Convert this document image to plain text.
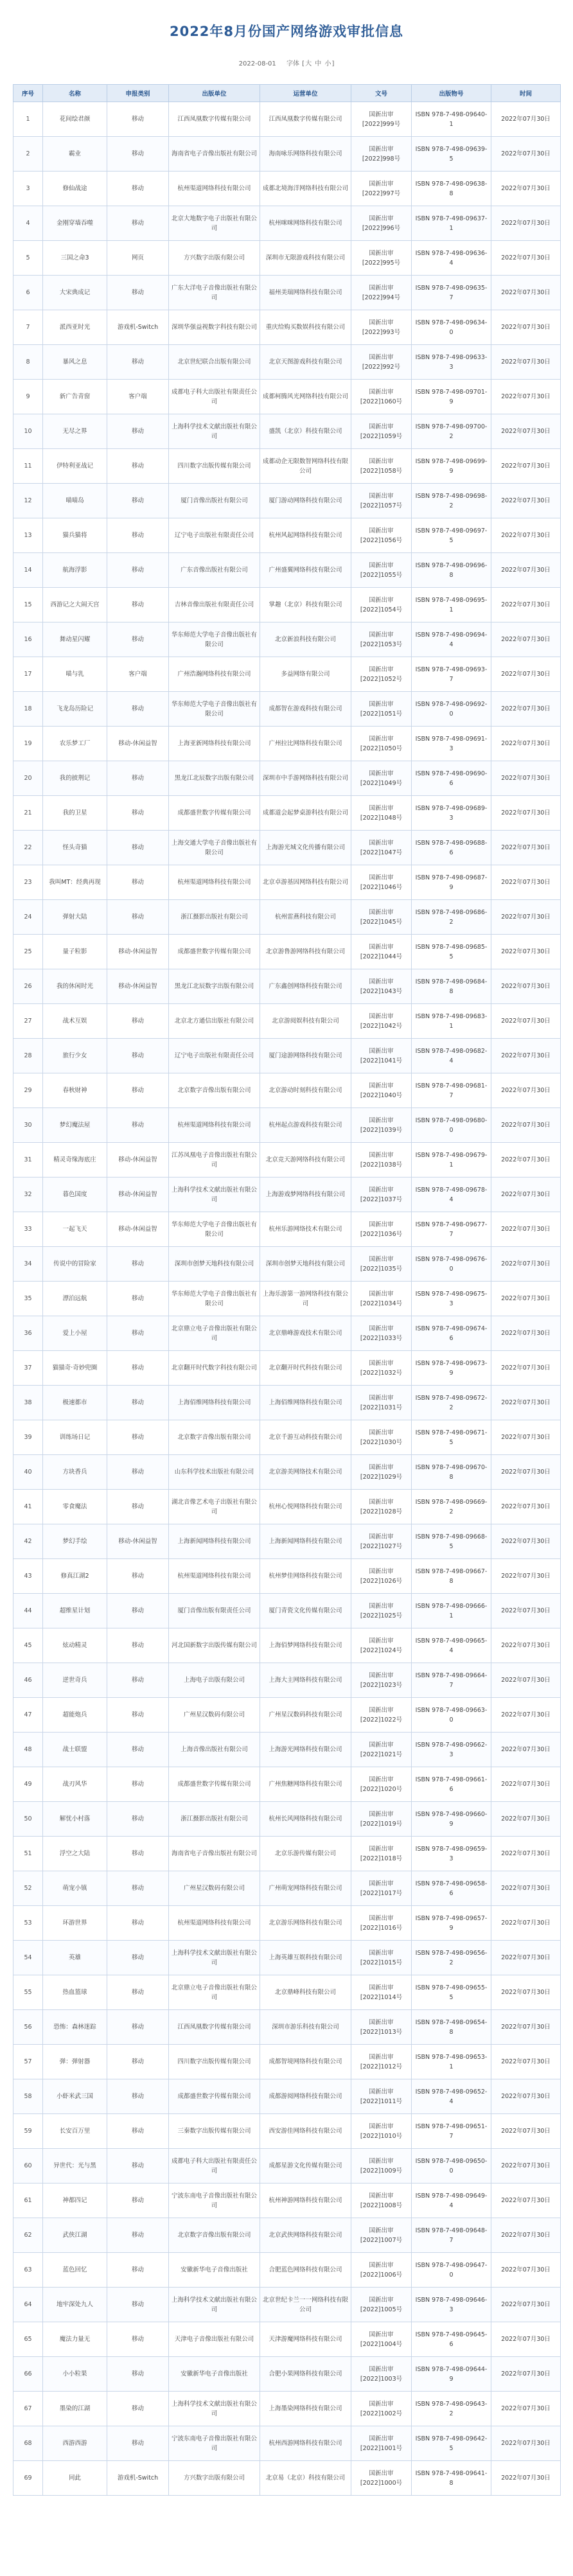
2022年8月份国产网络游戏审批信息
2022-08-01 字体 [大 中 小]
序号	名称	申报类别	出版单位	运营单位	文号	出版物号	时间
1	花间绘君颜	移动	江西凤凰数字传媒有限公司	江西凤凰数字传媒有限公司	国新出审[2022]999号	ISBN 978-7-498-09640-1	2022年07月30日
2	霸业	移动	海南省电子音像出版社有限公司	海南咏乐网络科技有限公司	国新出审[2022]998号	ISBN 978-7-498-09639-5	2022年07月30日
3	修仙战途	移动	杭州渠道网络科技有限公司	成都北境海洋网络科技有限公司	国新出审[2022]997号	ISBN 978-7-498-09638-8	2022年07月30日
4	金刚穿墙吞噬	移动	北京大地数字电子出版社有限公司	杭州咪咪网络科技有限公司	国新出审[2022]996号	ISBN 978-7-498-09637-1	2022年07月30日
5	三国之命3	网页	方兴数字出版有限公司	深圳市无限游戏科技有限公司	国新出审[2022]995号	ISBN 978-7-498-09636-4	2022年07月30日
6	大宋典成记	移动	广东大洋电子音像出版社有限公司	福州美瑞网络科技有限公司	国新出审[2022]994号	ISBN 978-7-498-09635-7	2022年07月30日
7	派西亚时光	游戏机-Switch	深圳华强益视数字科技有限公司	重庆给购买数娱科技有限公司	国新出审[2022]993号	ISBN 978-7-498-09634-0	2022年07月30日
8	暴风之息	移动	北京世纪联合出版有限公司	北京天图游戏科技有限公司	国新出审[2022]992号	ISBN 978-7-498-09633-3	2022年07月30日
9	新广告青窗	客户端	成都电子科大出版社有限责任公司	成都柯腾风光网络科技有限公司	国新出审[2022]1060号	ISBN 978-7-498-09701-9	2022年07月30日
10	无尽之界	移动	上海科学技术文献出版社有限公司	盛凯（北京）科技有限公司	国新出审[2022]1059号	ISBN 978-7-498-09700-2	2022年07月30日
11	伊特利亚战记	移动	四川数字出版传媒有限公司	成都动企无限数智网络科技有限公司	国新出审[2022]1058号	ISBN 978-7-498-09699-9	2022年07月30日
12	喵喵岛	移动	厦门音像出版社有限公司	厦门游动网络科技有限公司	国新出审[2022]1057号	ISBN 978-7-498-09698-2	2022年07月30日
13	猫兵猫将	移动	辽宁电子出版社有限责任公司	杭州风起网络科技有限公司	国新出审[2022]1056号	ISBN 978-7-498-09697-5	2022年07月30日
14	航海浮影	移动	广东音像出版社有限公司	广州盛翼网络科技有限公司	国新出审[2022]1055号	ISBN 978-7-498-09696-8	2022年07月30日
15	西游记之大闹天宫	移动	吉林音像出版社有限责任公司	掌趣（北京）科技有限公司	国新出审[2022]1054号	ISBN 978-7-498-09695-1	2022年07月30日
16	舞动星闪耀	移动	华东师范大学电子音像出版社有限公司	北京新浪科技有限公司	国新出审[2022]1053号	ISBN 978-7-498-09694-4	2022年07月30日
17	喵与乳	客户端	广州浩瀚网络科技有限公司	多益网络有限公司	国新出审[2022]1052号	ISBN 978-7-498-09693-7	2022年07月30日
18	飞龙岛历险记	移动	华东师范大学电子音像出版社有限公司	成都智在游戏科技有限公司	国新出审[2022]1051号	ISBN 978-7-498-09692-0	2022年07月30日
19	农乐梦工厂	移动-休闲益智	上海亚新网络科技有限公司	广州拉比网络科技有限公司	国新出审[2022]1050号	ISBN 978-7-498-09691-3	2022年07月30日
20	我的披荆记	移动	黑龙江北辰数字出版有限公司	深圳市中手游网络科技有限公司	国新出审[2022]1049号	ISBN 978-7-498-09690-6	2022年07月30日
21	我的卫星	移动	成都盛世数字传媒有限公司	成都道会起梦桌游科技有限公司	国新出审[2022]1048号	ISBN 978-7-498-09689-3	2022年07月30日
22	怪头奇猫	移动	上海交通大学电子音像出版社有限公司	上海游光城文化传播有限公司	国新出审[2022]1047号	ISBN 978-7-498-09688-6	2022年07月30日
23	我叫MT：经典再现	移动	杭州渠道网络科技有限公司	北京卓游基因网络科技有限公司	国新出审[2022]1046号	ISBN 978-7-498-09687-9	2022年07月30日
24	弹射大陆	移动	浙江摄影出版社有限公司	杭州雷燕科技有限公司	国新出审[2022]1045号	ISBN 978-7-498-09686-2	2022年07月30日
25	量子粒影	移动-休闲益智	成都盛世数字传媒有限公司	北京游鲁游网络科技有限公司	国新出审[2022]1044号	ISBN 978-7-498-09685-5	2022年07月30日
26	我的休闲时光	移动-休闲益智	黑龙江北辰数字出版有限公司	广东鑫创网络科技有限公司	国新出审[2022]1043号	ISBN 978-7-498-09684-8	2022年07月30日
27	战术互娱	移动	北京北方通信出版社有限公司	北京游阅娱科技有限公司	国新出审[2022]1042号	ISBN 978-7-498-09683-1	2022年07月30日
28	旅行少女	移动	辽宁电子出版社有限责任公司	厦门途游网络科技有限公司	国新出审[2022]1041号	ISBN 978-7-498-09682-4	2022年07月30日
29	春秋财神	移动	北京数字音像出版有限公司	北京游动时刻科技有限公司	国新出审[2022]1040号	ISBN 978-7-498-09681-7	2022年07月30日
30	梦幻魔法屋	移动	杭州渠道网络科技有限公司	杭州起点游戏科技有限公司	国新出审[2022]1039号	ISBN 978-7-498-09680-0	2022年07月30日
31	精灵奇缘海底庄	移动-休闲益智	江苏凤凰电子音像出版社有限公司	北京竞天游网络科技有限公司	国新出审[2022]1038号	ISBN 978-7-498-09679-1	2022年07月30日
32	暮色国度	移动-休闲益智	上海科学技术文献出版社有限公司	上海游戏梦网络科技有限公司	国新出审[2022]1037号	ISBN 978-7-498-09678-4	2022年07月30日
33	一起飞天	移动-休闲益智	华东师范大学电子音像出版社有限公司	杭州乐游网络技术有限公司	国新出审[2022]1036号	ISBN 978-7-498-09677-7	2022年07月30日
34	传说中的冒险家	移动	深圳市创梦天地科技有限公司	深圳市创梦天地科技有限公司	国新出审[2022]1035号	ISBN 978-7-498-09676-0	2022年07月30日
35	漂泊远航	移动	华东师范大学电子音像出版社有限公司	上海乐游第一游网络科技有限公司	国新出审[2022]1034号	ISBN 978-7-498-09675-3	2022年07月30日
36	爱上小屋	移动	北京鼎立电子音像出版社有限公司	北京鼎峰游戏技术有限公司	国新出审[2022]1033号	ISBN 978-7-498-09674-6	2022年07月30日
37	猫猫奇·奇妙兜圈	移动	北京翻开时代数字科技有限公司	北京翻开时代科技有限公司	国新出审[2022]1032号	ISBN 978-7-498-09673-9	2022年07月30日
38	极速都市	移动	上海佰维网络科技有限公司	上海佰维网络科技有限公司	国新出审[2022]1031号	ISBN 978-7-498-09672-2	2022年07月30日
39	训练场日记	移动	北京数字音像出版有限公司	北京千游互动科技有限公司	国新出审[2022]1030号	ISBN 978-7-498-09671-5	2022年07月30日
40	方块香兵	移动	山东科学技术出版社有限公司	北京游美网络技术有限公司	国新出审[2022]1029号	ISBN 978-7-498-09670-8	2022年07月30日
41	零食魔法	移动	湖北音像艺术电子出版社有限公司	杭州心悦网络科技有限公司	国新出审[2022]1028号	ISBN 978-7-498-09669-2	2022年07月30日
42	梦幻手绘	移动-休闲益智	上海新闻网络科技有限公司	上海新闻网络科技有限公司	国新出审[2022]1027号	ISBN 978-7-498-09668-5	2022年07月30日
43	修真江湖2	移动	杭州渠道网络科技有限公司	杭州梦佳网络科技有限公司	国新出审[2022]1026号	ISBN 978-7-498-09667-8	2022年07月30日
44	超维星计划	移动	厦门音像出版有限责任公司	厦门青瓷文化传媒有限公司	国新出审[2022]1025号	ISBN 978-7-498-09666-1	2022年07月30日
45	炫动精灵	移动	河北国新数字出版传媒有限公司	上海佰梦网络科技有限公司	国新出审[2022]1024号	ISBN 978-7-498-09665-4	2022年07月30日
46	逆世奇兵	移动	上海电子出版有限公司	上海大主网络科技有限公司	国新出审[2022]1023号	ISBN 978-7-498-09664-7	2022年07月30日
47	超能炮兵	移动	广州星汉数码有限公司	广州星汉数码科技有限公司	国新出审[2022]1022号	ISBN 978-7-498-09663-0	2022年07月30日
48	战士联盟	移动	上海音像出版社有限公司	上海游光网络科技有限公司	国新出审[2022]1021号	ISBN 978-7-498-09662-3	2022年07月30日
49	战刃风华	移动	成都盛世数字传媒有限公司	广州焦糖网络科技有限公司	国新出审[2022]1020号	ISBN 978-7-498-09661-6	2022年07月30日
50	解忧小村落	移动	浙江摄影出版社有限公司	杭州长风网络科技有限公司	国新出审[2022]1019号	ISBN 978-7-498-09660-9	2022年07月30日
51	浮空之大陆	移动	海南省电子音像出版社有限公司	北京乐游传媒有限公司	国新出审[2022]1018号	ISBN 978-7-498-09659-3	2022年07月30日
52	萌宠小镇	移动	广州星汉数码有限公司	广州萌宠网络科技有限公司	国新出审[2022]1017号	ISBN 978-7-498-09658-6	2022年07月30日
53	环游世界	移动	杭州渠道网络科技有限公司	北京游乐网络科技有限公司	国新出审[2022]1016号	ISBN 978-7-498-09657-9	2022年07月30日
54	英雄	移动	上海科学技术文献出版社有限公司	上海英雄互娱科技有限公司	国新出审[2022]1015号	ISBN 978-7-498-09656-2	2022年07月30日
55	热血篮球	移动	北京鼎立电子音像出版社有限公司	北京鼎峰科技有限公司	国新出审[2022]1014号	ISBN 978-7-498-09655-5	2022年07月30日
56	恐怖：森林迷踪	移动	江西凤凰数字传媒有限公司	深圳市游乐科技有限公司	国新出审[2022]1013号	ISBN 978-7-498-09654-8	2022年07月30日
57	弹：弹射器	移动	四川数字出版传媒有限公司	成都智境网络科技有限公司	国新出审[2022]1012号	ISBN 978-7-498-09653-1	2022年07月30日
58	小虾米武三国	移动	成都盛世数字传媒有限公司	成都游阅网络科技有限公司	国新出审[2022]1011号	ISBN 978-7-498-09652-4	2022年07月30日
59	长安百万里	移动	三秦数字出版传媒有限公司	西安游佳网络科技有限公司	国新出审[2022]1010号	ISBN 978-7-498-09651-7	2022年07月30日
60	异世代：光与黑	移动	成都电子科大出版社有限责任公司	成都星游文化传媒有限公司	国新出审[2022]1009号	ISBN 978-7-498-09650-0	2022年07月30日
61	神都四记	移动	宁波东南电子音像出版社有限公司	杭州神游网络科技有限公司	国新出审[2022]1008号	ISBN 978-7-498-09649-4	2022年07月30日
62	武侠江湖	移动	北京数字音像出版有限公司	北京武侠网络科技有限公司	国新出审[2022]1007号	ISBN 978-7-498-09648-7	2022年07月30日
63	蓝色回忆	移动	安徽新华电子音像出版社	合肥蓝色网络科技有限公司	国新出审[2022]1006号	ISBN 978-7-498-09647-0	2022年07月30日
64	地牢深处九人	移动	上海科学技术文献出版社有限公司	北京世纪卡兰一一网络科技有限公司	国新出审[2022]1005号	ISBN 978-7-498-09646-3	2022年07月30日
65	魔法力量无	移动	天津电子音像出版社有限公司	天津游魔网络科技有限公司	国新出审[2022]1004号	ISBN 978-7-498-09645-6	2022年07月30日
66	小小粒果	移动	安徽新华电子音像出版社	合肥小果网络科技有限公司	国新出审[2022]1003号	ISBN 978-7-498-09644-9	2022年07月30日
67	墨染的江湖	移动	上海科学技术文献出版社有限公司	上海墨染网络科技有限公司	国新出审[2022]1002号	ISBN 978-7-498-09643-2	2022年07月30日
68	西游西游	移动	宁波东南电子音像出版社有限公司	杭州西游网络科技有限公司	国新出审[2022]1001号	ISBN 978-7-498-09642-5	2022年07月30日
69	同此	游戏机-Switch	方兴数字出版有限公司	北京易（北京）科技有限公司	国新出审[2022]1000号	ISBN 978-7-498-09641-8	2022年07月30日
